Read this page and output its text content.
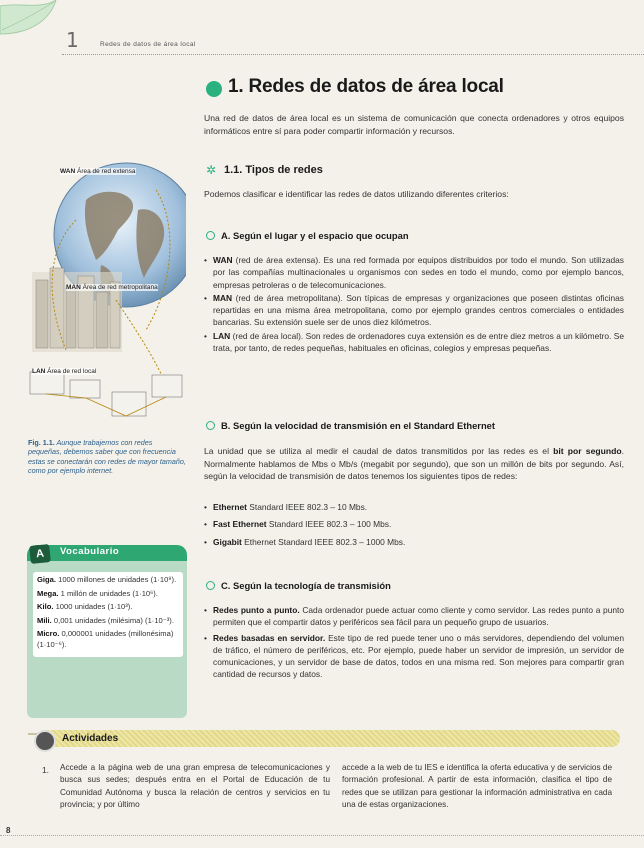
1	Redes de datos de área local
1. Redes de datos de área local

Una red de datos de área local es un sistema de comunicación que conecta ordenadores y otros equipos informáticos entre sí para poder compartir información y recursos.

✲ 1.1. Tipos de redes

Podemos clasificar e identificar las redes de datos utilizando diferentes criterios:

A. Según el lugar y el espacio que ocupan
• WAN (red de área extensa). Es una red formada por equipos distribuidos por todo el mundo. Son utilizadas por las compañías multinacionales u organismos con sedes en todo el mundo, como por ejemplo bancos, empresas petroleras o de telecomunicaciones.
• MAN (red de área metropolitana). Son típicas de empresas y organizaciones que poseen distintas oficinas repartidas en una misma área metropolitana, como por ejemplo grandes centros comerciales o entidades bancarias. Su extensión suele ser de unos diez kilómetros.
• LAN (red de área local). Son redes de ordenadores cuya extensión es de entre diez metros a un kilómetro. Se trata, por tanto, de redes pequeñas, habituales en oficinas, colegios y empresas pequeñas.
B. Según la velocidad de transmisión en el Standard Ethernet

La unidad que se utiliza al medir el caudal de datos transmitidos por las redes es el bit por segundo. Normalmente hablamos de Mbs o Mb/s (megabit por segundo), que son un millón de bits por segundo. Así, según la velocidad de transmisión de datos tenemos los siguientes tipos de redes:

• Ethernet Standard IEEE 802.3 – 10 Mbs.
• Fast Ethernet Standard IEEE 802.3 – 100 Mbs.
• Gigabit Ethernet Standard IEEE 802.3 – 1000 Mbs.
C. Según la tecnología de transmisión
• Redes punto a punto. Cada ordenador puede actuar como cliente y como servidor. Las redes punto a punto permiten que el compartir datos y periféricos sea fácil para un pequeño grupo de usuarios.
• Redes basadas en servidor. Este tipo de red puede tener uno o más servidores, dependiendo del volumen de tráfico, el número de periféricos, etc. Por ejemplo, puede haber un servidor de impresión, un servidor de comunicaciones, y un servidor de base de datos, todos en una misma red. Son mejores para compartir gran cantidad de recursos y datos.
WAN Área de red extensa
MAN Área de red metropolitana
LAN Área de red local

Fig. 1.1. Aunque trabajemos con redes pequeñas, debemos saber que con frecuencia estas se conectarán con redes de mayor tamaño, como por ejemplo internet.

A	Vocabulario
Giga. 1000 millones de unidades (1·10⁹).
Mega. 1 millón de unidades (1·10⁶).
Kilo. 1000 unidades (1·10³).
Mili. 0,001 unidades (milésima) (1·10⁻³).
Micro. 0,000001 unidades (millonésima) (1·10⁻⁶).
Actividades
1. Accede a la página web de una gran empresa de telecomunicaciones y busca sus sedes; después entra en el Portal de Educación de tu Comunidad Autónoma y busca la relación de centros y servicios en tu provincia; y por último

accede a la web de tu IES e identifica la oferta educativa y de servicios de formación profesional. A partir de esta información, clasifica el tipo de redes que se utilizan para gestionar la información administrativa en cada una de estas organizaciones.

8
